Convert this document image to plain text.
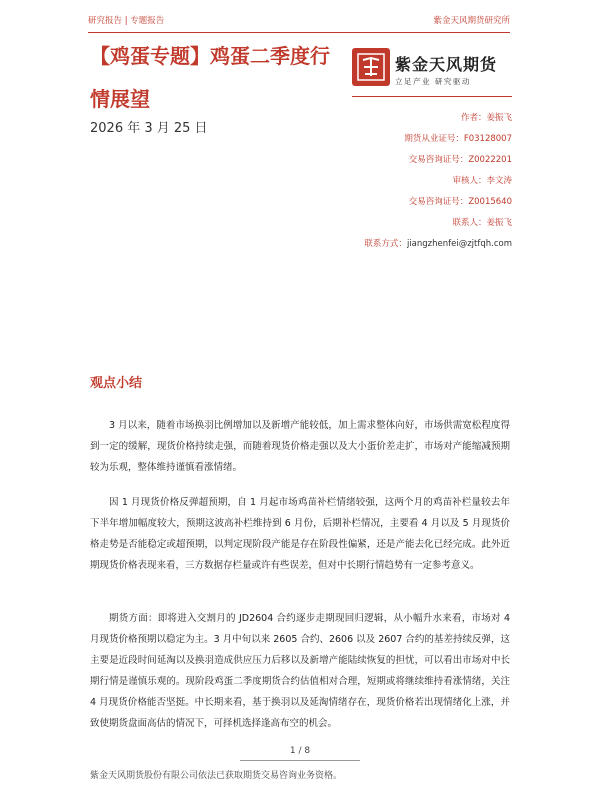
研究报告 | 专题报告	紫金天风期货研究所
【鸡蛋专题】鸡蛋二季度行
情展望
2026 年 3 月 25 日
紫金天风期货
立足产业 研究驱动
作者：姜振飞
期货从业证号：F03128007
交易咨询证号：Z0022201
审核人：李文涛
交易咨询证号：Z0015640
联系人：姜振飞
联系方式：jiangzhenfei@zjtfqh.com
观点小结

3 月以来，随着市场换羽比例增加以及新增产能较低，加上需求整体向好，市场供需宽松程度得到一定的缓解，现货价格持续走强，而随着现货价格走强以及大小蛋价差走扩，市场对产能缩减预期较为乐观，整体维持谨慎看涨情绪。

因 1 月现货价格反弹超预期，自 1 月起市场鸡苗补栏情绪较强，这两个月的鸡苗补栏量较去年下半年增加幅度较大，预期这波高补栏维持到 6 月份，后期补栏情况，主要看 4 月以及 5 月现货价格走势是否能稳定或超预期，以判定现阶段产能是存在阶段性偏紧，还是产能去化已经完成。此外近期现货价格表现来看，三方数据存栏量或许有些误差，但对中长期行情趋势有一定参考意义。

期货方面：即将进入交割月的 JD2604 合约逐步走期现回归逻辑，从小幅升水来看，市场对 4 月现货价格预期以稳定为主。3 月中旬以来 2605 合约、2606 以及 2607 合约的基差持续反弹，这主要是近段时间延淘以及换羽造成供应压力后移以及新增产能陆续恢复的担忧，可以看出市场对中长期行情是谨慎乐观的。现阶段鸡蛋二季度期货合约估值相对合理，短期或将继续维持看涨情绪，关注 4 月现货价格能否坚挺。中长期来看，基于换羽以及延淘情绪存在，现货价格若出现情绪化上涨，并致使期货盘面高估的情况下，可择机选择逢高布空的机会。

1 / 8
紫金天风期货股份有限公司依法已获取期货交易咨询业务资格。
